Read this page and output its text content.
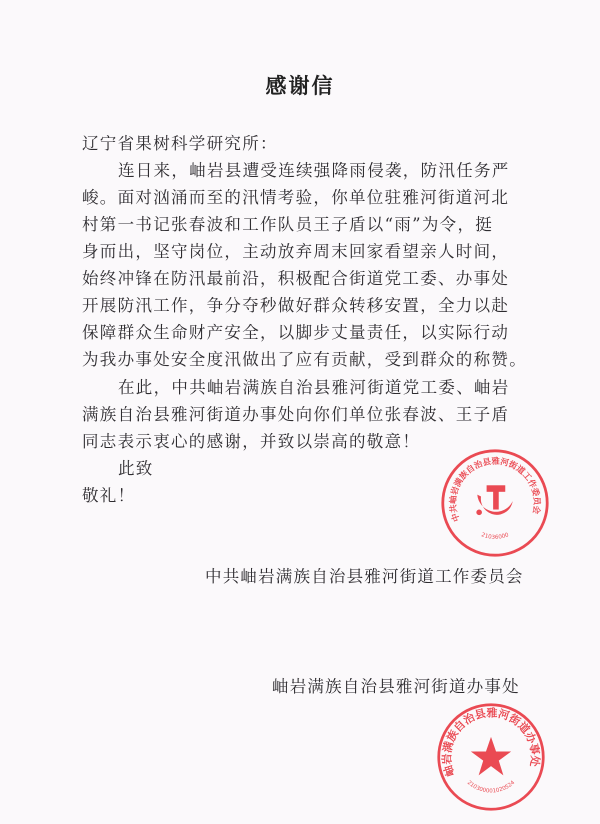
感谢信
辽宁省果树科学研究所：
连日来，岫岩县遭受连续强降雨侵袭，防汛任务严
峻。面对汹涌而至的汛情考验，你单位驻雅河街道河北
村第一书记张春波和工作队员王子盾以“雨”为令，挺
身而出，坚守岗位，主动放弃周末回家看望亲人时间，
始终冲锋在防汛最前沿，积极配合街道党工委、办事处
开展防汛工作，争分夺秒做好群众转移安置，全力以赴
保障群众生命财产安全，以脚步丈量责任，以实际行动
为我办事处安全度汛做出了应有贡献，受到群众的称赞。
在此，中共岫岩满族自治县雅河街道党工委、岫岩
满族自治县雅河街道办事处向你们单位张春波、王子盾
同志表示衷心的感谢，并致以崇高的敬意！
此致
敬礼！
中共岫岩满族自治县雅河街道工作委员会
岫岩满族自治县雅河街道办事处
中共岫岩满族自治县雅河街道工作委员会
21036000
岫岩满族自治县雅河街道办事处
210300001020524
